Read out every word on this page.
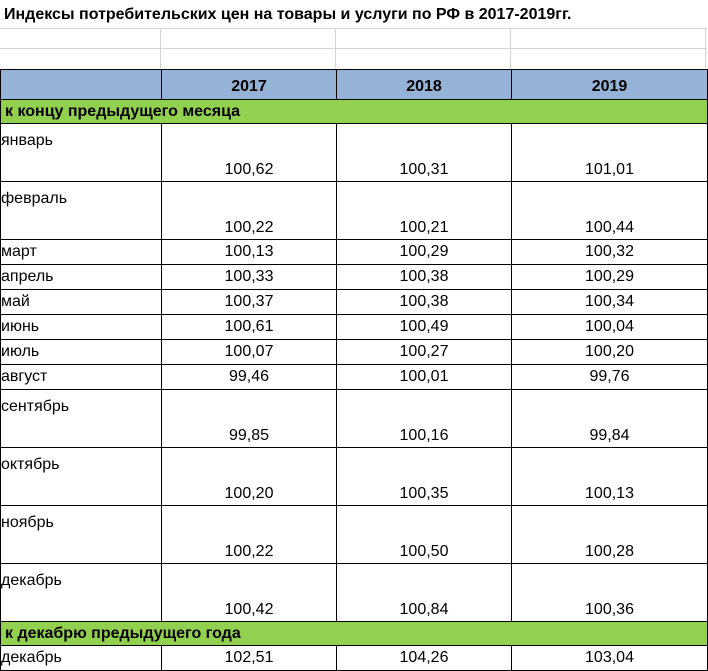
Индексы потребительских цен на товары и услуги по РФ в 2017-2019гг.
	2017	2018	2019
к концу предыдущего месяца			
январь	100,62	100,31	101,01
февраль	100,22	100,21	100,44
март	100,13	100,29	100,32
апрель	100,33	100,38	100,29
май	100,37	100,38	100,34
июнь	100,61	100,49	100,04
июль	100,07	100,27	100,20
август	99,46	100,01	99,76
сентябрь	99,85	100,16	99,84
октябрь	100,20	100,35	100,13
ноябрь	100,22	100,50	100,28
декабрь	100,42	100,84	100,36
к декабрю предыдущего года			
декабрь	102,51	104,26	103,04
